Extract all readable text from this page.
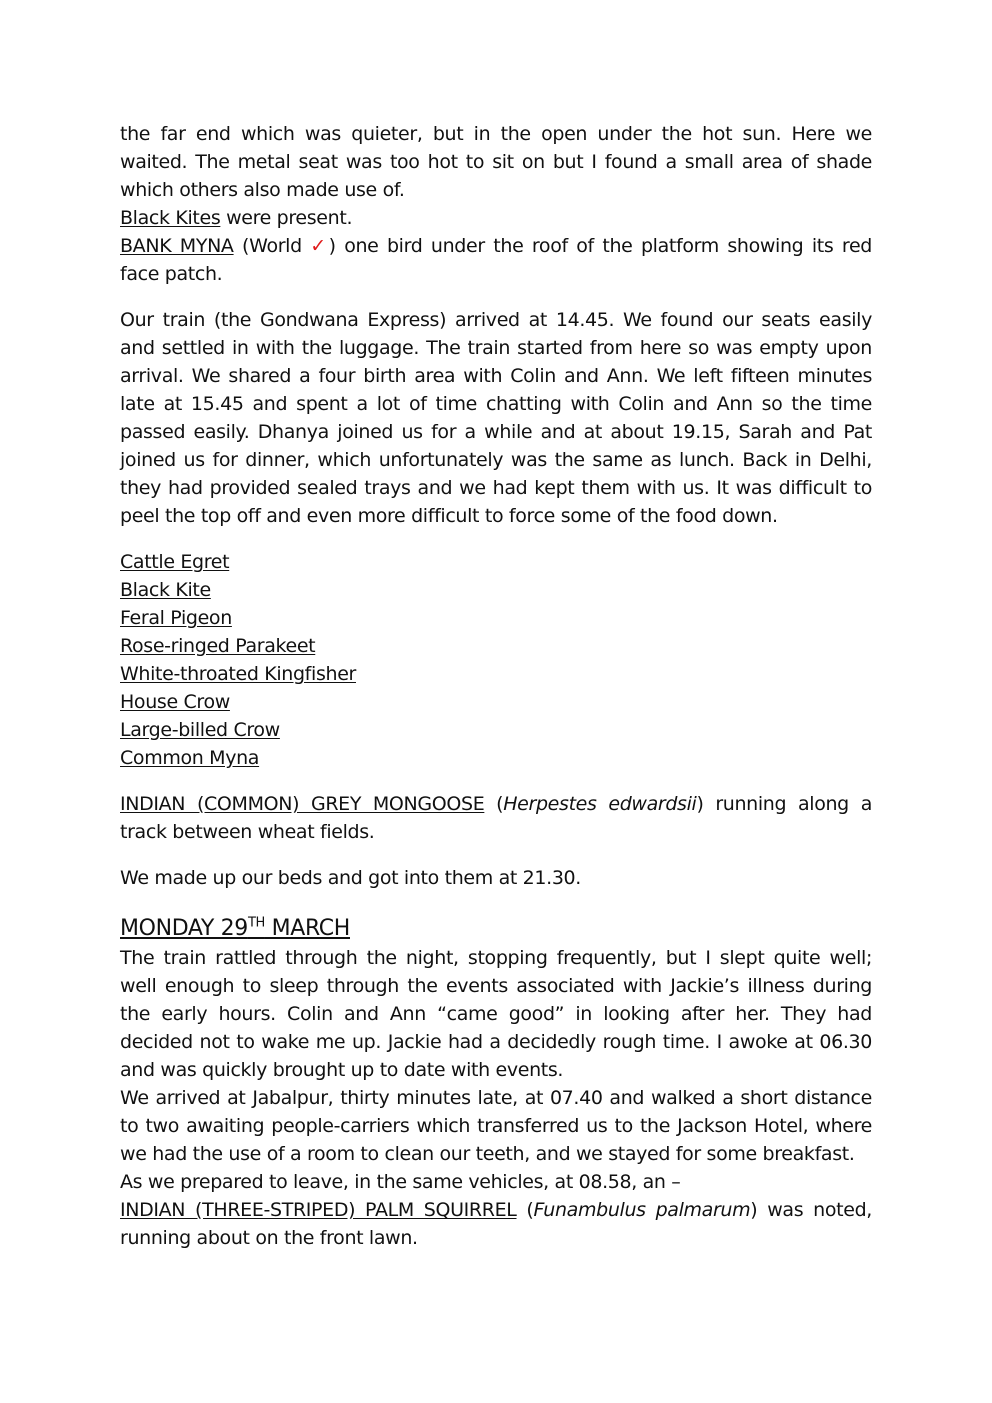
the far end which was quieter, but in the open under the hot sun. Here we waited. The metal seat was too hot to sit on but I found a small area of shade which others also made use of.

Black Kites were present.

BANK MYNA (World ✓) one bird under the roof of the platform showing its red face patch.

Our train (the Gondwana Express) arrived at 14.45. We found our seats easily and settled in with the luggage. The train started from here so was empty upon arrival. We shared a four birth area with Colin and Ann. We left fifteen minutes late at 15.45 and spent a lot of time chatting with Colin and Ann so the time passed easily. Dhanya joined us for a while and at about 19.15, Sarah and Pat joined us for dinner, which unfortunately was the same as lunch. Back in Delhi, they had provided sealed trays and we had kept them with us. It was difficult to peel the top off and even more difficult to force some of the food down.

Cattle Egret
Black Kite
Feral Pigeon
Rose-ringed Parakeet
White-throated Kingfisher
House Crow
Large-billed Crow
Common Myna

INDIAN (COMMON) GREY MONGOOSE (Herpestes edwardsii) running along a track between wheat fields.

We made up our beds and got into them at 21.30.

MONDAY 29TH MARCH

The train rattled through the night, stopping frequently, but I slept quite well; well enough to sleep through the events associated with Jackie’s illness during the early hours. Colin and Ann “came good” in looking after her. They had decided not to wake me up. Jackie had a decidedly rough time. I awoke at 06.30 and was quickly brought up to date with events.

We arrived at Jabalpur, thirty minutes late, at 07.40 and walked a short distance to two awaiting people-carriers which transferred us to the Jackson Hotel, where we had the use of a room to clean our teeth, and we stayed for some breakfast.

As we prepared to leave, in the same vehicles, at 08.58, an –

INDIAN (THREE-STRIPED) PALM SQUIRREL (Funambulus palmarum) was noted, running about on the front lawn.
